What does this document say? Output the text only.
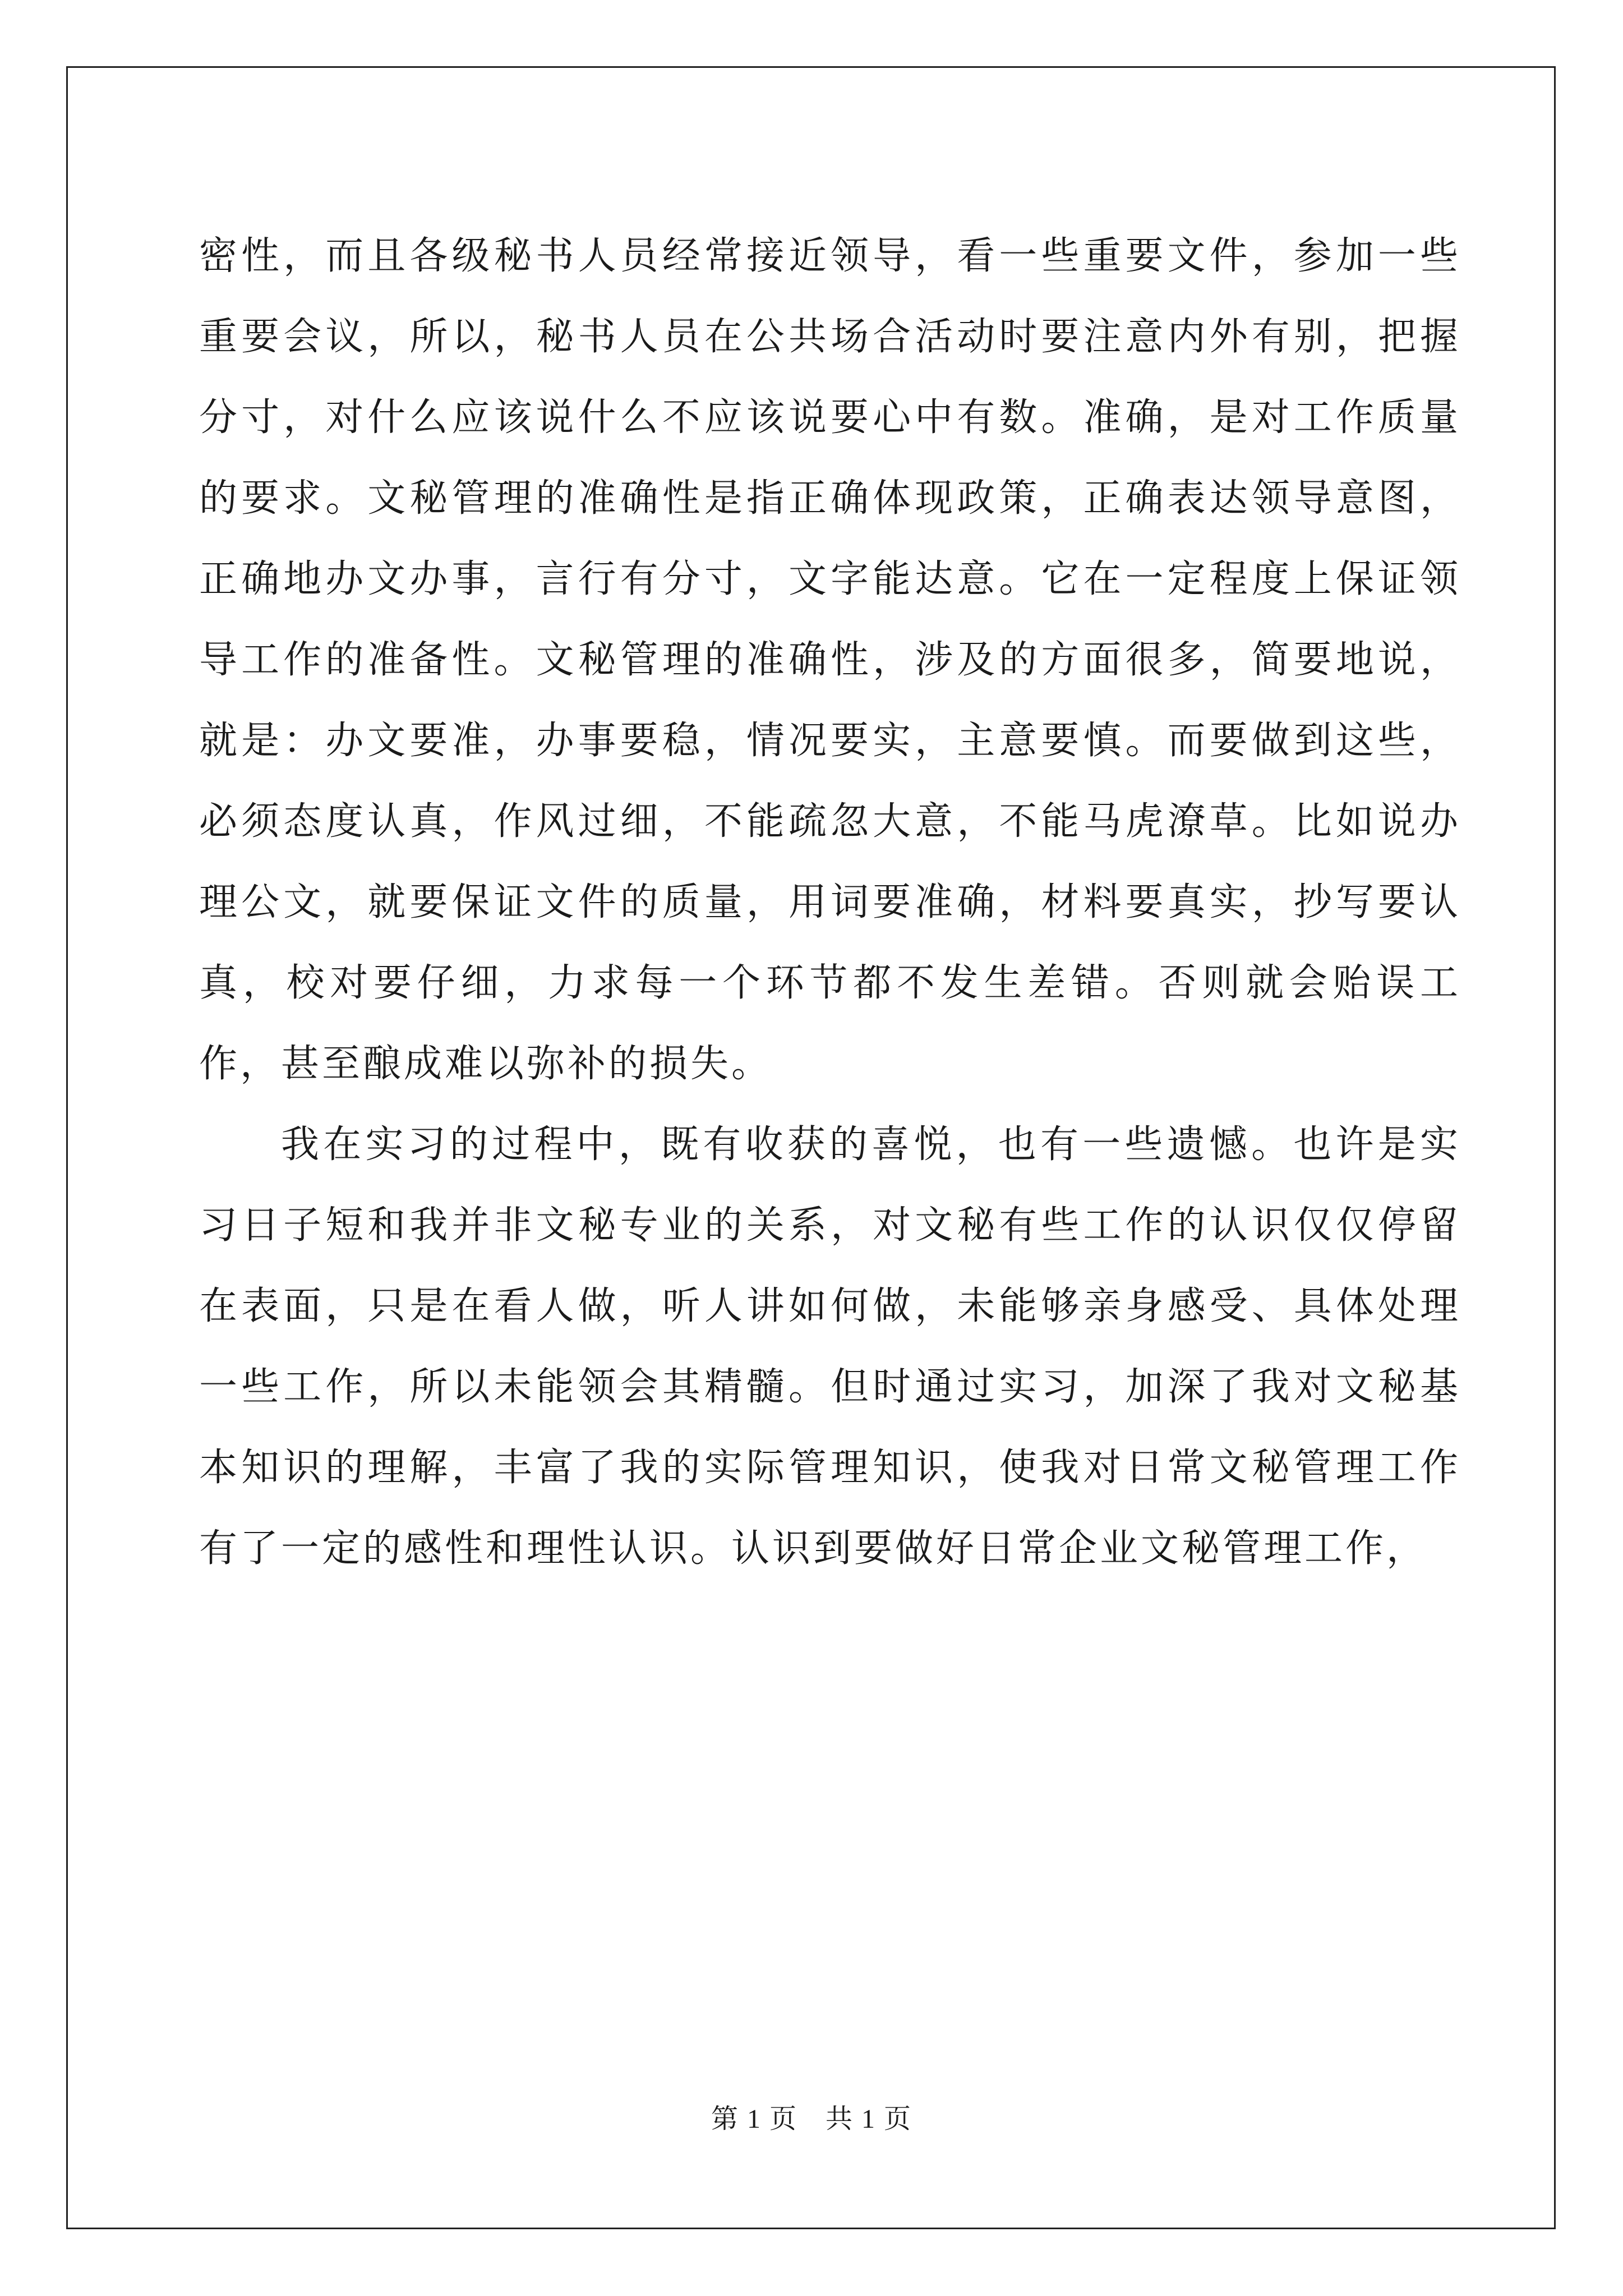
密性，而且各级秘书人员经常接近领导，看一些重要文件，参加一些重要会议，所以，秘书人员在公共场合活动时要注意内外有别，把握分寸，对什么应该说什么不应该说要心中有数。准确，是对工作质量的要求。文秘管理的准确性是指正确体现政策，正确表达领导意图，正确地办文办事，言行有分寸，文字能达意。它在一定程度上保证领导工作的准备性。文秘管理的准确性，涉及的方面很多，简要地说，就是：办文要准，办事要稳，情况要实，主意要慎。而要做到这些，必须态度认真，作风过细，不能疏忽大意，不能马虎潦草。比如说办理公文，就要保证文件的质量，用词要准确，材料要真实，抄写要认真，校对要仔细，力求每一个环节都不发生差错。否则就会贻误工作，甚至酿成难以弥补的损失。

我在实习的过程中，既有收获的喜悦，也有一些遗憾。也许是实习日子短和我并非文秘专业的关系，对文秘有些工作的认识仅仅停留在表面，只是在看人做，听人讲如何做，未能够亲身感受、具体处理一些工作，所以未能领会其精髓。但时通过实习，加深了我对文秘基本知识的理解，丰富了我的实际管理知识，使我对日常文秘管理工作有了一定的感性和理性认识。认识到要做好日常企业文秘管理工作，

第 1 页　共 1 页
